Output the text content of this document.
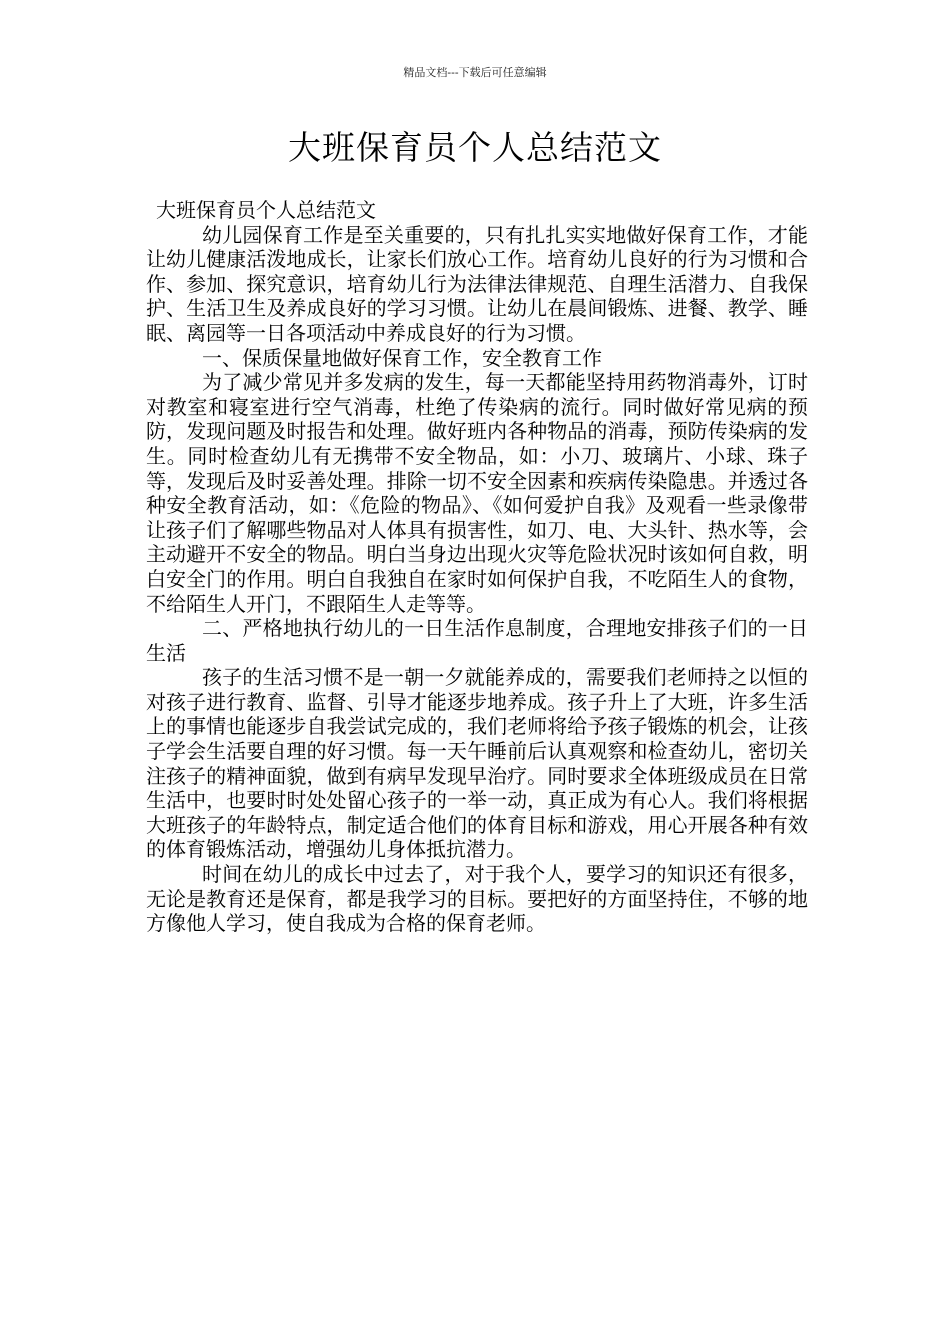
精品文档---下载后可任意编辑
大班保育员个人总结范文

大班保育员个人总结范文

幼儿园保育工作是至关重要的，只有扎扎实实地做好保育工作，才能让幼儿健康活泼地成长，让家长们放心工作。培育幼儿良好的行为习惯和合作、参加、探究意识，培育幼儿行为法律法律规范、自理生活潜力、自我保护、生活卫生及养成良好的学习习惯。让幼儿在晨间锻炼、进餐、教学、睡眠、离园等一日各项活动中养成良好的行为习惯。

一、保质保量地做好保育工作，安全教育工作

为了减少常见并多发病的发生，每一天都能坚持用药物消毒外，订时对教室和寝室进行空气消毒，杜绝了传染病的流行。同时做好常见病的预防，发现问题及时报告和处理。做好班内各种物品的消毒，预防传染病的发生。同时检查幼儿有无携带不安全物品，如：小刀、玻璃片、小球、珠子等，发现后及时妥善处理。排除一切不安全因素和疾病传染隐患。并透过各种安全教育活动，如：《危险的物品》、《如何爱护自我》及观看一些录像带让孩子们了解哪些物品对人体具有损害性，如刀、电、大头针、热水等，会主动避开不安全的物品。明白当身边出现火灾等危险状况时该如何自救，明白安全门的作用。明白自我独自在家时如何保护自我，不吃陌生人的食物，不给陌生人开门，不跟陌生人走等等。

二、严格地执行幼儿的一日生活作息制度，合理地安排孩子们的一日生活

孩子的生活习惯不是一朝一夕就能养成的，需要我们老师持之以恒的对孩子进行教育、监督、引导才能逐步地养成。孩子升上了大班，许多生活上的事情也能逐步自我尝试完成的，我们老师将给予孩子锻炼的机会，让孩子学会生活要自理的好习惯。每一天午睡前后认真观察和检查幼儿，密切关注孩子的精神面貌，做到有病早发现早治疗。同时要求全体班级成员在日常生活中，也要时时处处留心孩子的一举一动，真正成为有心人。我们将根据大班孩子的年龄特点，制定适合他们的体育目标和游戏，用心开展各种有效的体育锻炼活动，增强幼儿身体抵抗潜力。

时间在幼儿的成长中过去了，对于我个人，要学习的知识还有很多，无论是教育还是保育，都是我学习的目标。要把好的方面坚持住，不够的地方像他人学习，使自我成为合格的保育老师。
